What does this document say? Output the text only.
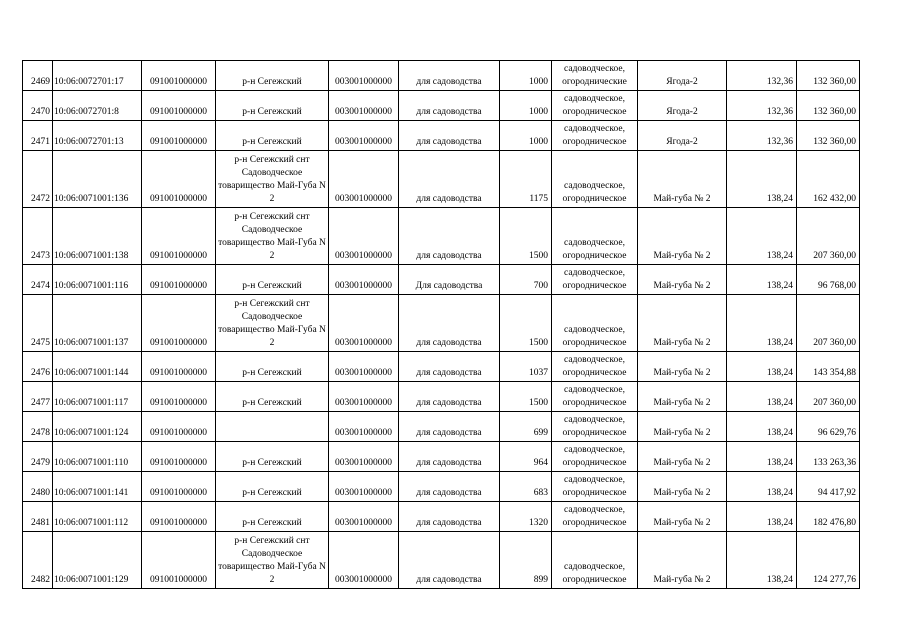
2469	10:06:0072701:17	091001000000	р-н Сегежский	003001000000	для садоводства	1000	садоводческое, огороднические	Ягода-2	132,36	132 360,00
2470	10:06:0072701:8	091001000000	р-н Сегежский	003001000000	для садоводства	1000	садоводческое, огородническое	Ягода-2	132,36	132 360,00
2471	10:06:0072701:13	091001000000	р-н Сегежский	003001000000	для садоводства	1000	садоводческое, огородническое	Ягода-2	132,36	132 360,00
2472	10:06:0071001:136	091001000000	р-н Сегежский снт Садоводческое товарищество Май-Губа N 2	003001000000	для садоводства	1175	садоводческое, огородническое	Май-губа № 2	138,24	162 432,00
2473	10:06:0071001:138	091001000000	р-н Сегежский снт Садоводческое товарищество Май-Губа N 2	003001000000	для садоводства	1500	садоводческое, огородническое	Май-губа № 2	138,24	207 360,00
2474	10:06:0071001:116	091001000000	р-н Сегежский	003001000000	Для садоводства	700	садоводческое, огородническое	Май-губа № 2	138,24	96 768,00
2475	10:06:0071001:137	091001000000	р-н Сегежский снт Садоводческое товарищество Май-Губа N 2	003001000000	для садоводства	1500	садоводческое, огородническое	Май-губа № 2	138,24	207 360,00
2476	10:06:0071001:144	091001000000	р-н Сегежский	003001000000	для садоводства	1037	садоводческое, огородническое	Май-губа № 2	138,24	143 354,88
2477	10:06:0071001:117	091001000000	р-н Сегежский	003001000000	для садоводства	1500	садоводческое, огородническое	Май-губа № 2	138,24	207 360,00
2478	10:06:0071001:124	091001000000		003001000000	для садоводства	699	садоводческое, огородническое	Май-губа № 2	138,24	96 629,76
2479	10:06:0071001:110	091001000000	р-н Сегежский	003001000000	для садоводства	964	садоводческое, огородническое	Май-губа № 2	138,24	133 263,36
2480	10:06:0071001:141	091001000000	р-н Сегежский	003001000000	для садоводства	683	садоводческое, огородническое	Май-губа № 2	138,24	94 417,92
2481	10:06:0071001:112	091001000000	р-н Сегежский	003001000000	для садоводства	1320	садоводческое, огородническое	Май-губа № 2	138,24	182 476,80
2482	10:06:0071001:129	091001000000	р-н Сегежский снт Садоводческое товарищество Май-Губа N 2	003001000000	для садоводства	899	садоводческое, огородническое	Май-губа № 2	138,24	124 277,76
